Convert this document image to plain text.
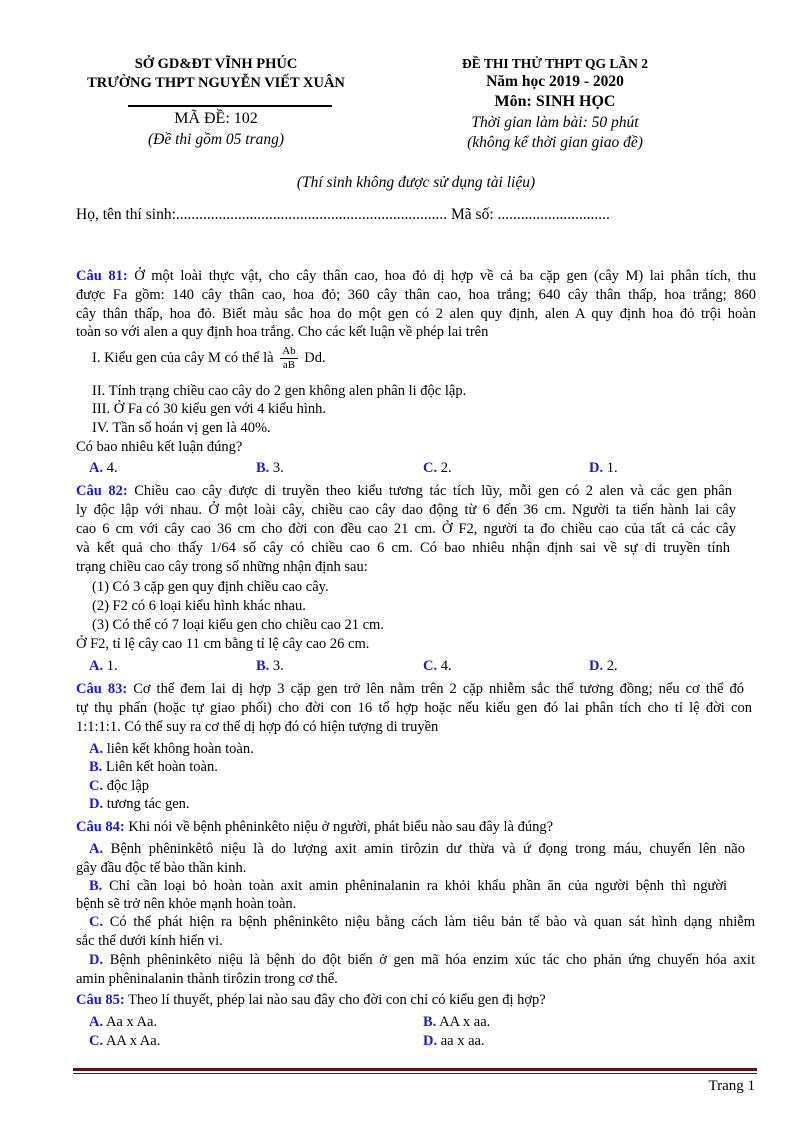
SỞ GD&ĐT VĨNH PHÚC
TRƯỜNG THPT NGUYỄN VIẾT XUÂN
MÃ ĐỀ: 102
(Đề thi gồm 05 trang)
ĐỀ THI THỬ THPT QG LẦN 2
Năm học 2019 - 2020
Môn: SINH HỌC
Thời gian làm bài: 50 phút
(không kể thời gian giao đề)
(Thí sinh không được sử dụng tài liệu)
Họ, tên thí sinh:...................................................................... Mã số: .............................
Câu 81: Ở một loài thực vật, cho cây thân cao, hoa đỏ dị hợp về cả ba cặp gen (cây M) lai phân tích, thu
được Fa gồm: 140 cây thân cao, hoa đỏ; 360 cây thân cao, hoa trắng; 640 cây thân thấp, hoa trắng; 860
cây thân thấp, hoa đỏ. Biết màu sắc hoa do một gen có 2 alen quy định, alen A quy định hoa đỏ trội hoàn
toàn so với alen a quy định hoa trắng. Cho các kết luận về phép lai trên
I. Kiểu gen của cây M có thể là $\frac{Ab}{aB} Dd$.
II. Tính trạng chiều cao cây do 2 gen không alen phân li độc lập.
III. Ở Fa có 30 kiểu gen với 4 kiểu hình.
IV. Tần số hoán vị gen là 40%.
Có bao nhiêu kết luận đúng?
A. 4.	B. 3.	C. 2.	D. 1.
Câu 82: Chiều cao cây được di truyền theo kiểu tương tác tích lũy, mỗi gen có 2 alen và các gen phân
ly độc lập với nhau. Ở một loài cây, chiều cao cây dao động từ 6 đến 36 cm. Người ta tiến hành lai cây
cao 6 cm với cây cao 36 cm cho đời con đều cao 21 cm. Ở F2, người ta đo chiều cao của tất cả các cây
và kết quả cho thấy 1/64 số cây có chiều cao 6 cm. Có bao nhiêu nhận định sai về sự di truyền tính
trạng chiều cao cây trong số những nhận định sau:
(1) Có 3 cặp gen quy định chiều cao cây.
(2) F2 có 6 loại kiểu hình khác nhau.
(3) Có thể có 7 loại kiểu gen cho chiều cao 21 cm.
Ở F2, tỉ lệ cây cao 11 cm bằng tỉ lệ cây cao 26 cm.
A. 1.	B. 3.	C. 4.	D. 2.
Câu 83: Cơ thể đem lai dị hợp 3 cặp gen trở lên nằm trên 2 cặp nhiễm sắc thể tương đồng; nếu cơ thể đó
tự thụ phấn (hoặc tự giao phối) cho đời con 16 tổ hợp hoặc nếu kiểu gen đó lai phân tích cho tỉ lệ đời con
1:1:1:1. Có thể suy ra cơ thể dị hợp đó có hiện tượng di truyền
A. liên kết không hoàn toàn.
B. Liên kết hoàn toàn.
C. độc lập
D. tương tác gen.
Câu 84: Khi nói về bệnh phêninkêto niệu ở người, phát biểu nào sau đây là đúng?
A. Bệnh phêninkêtô niệu là do lượng axit amin tirôzin dư thừa và ứ đọng trong máu, chuyển lên não
gây đầu độc tế bào thần kinh.
B. Chỉ cần loại bỏ hoàn toàn axit amin phêninalanin ra khỏi khẩu phần ăn của người bệnh thì người
bệnh sẽ trở nên khỏe mạnh hoàn toàn.
C. Có thể phát hiện ra bệnh phêninkêto niệu bằng cách làm tiêu bản tế bào và quan sát hình dạng nhiễm
sắc thể dưới kính hiển vi.
D. Bệnh phêninkêto niệu là bệnh do đột biến ở gen mã hóa enzim xúc tác cho phản ứng chuyển hóa axit
amin phêninalanin thành tirôzin trong cơ thể.
Câu 85: Theo lí thuyết, phép lai nào sau đây cho đời con chỉ có kiểu gen đị hợp?
A. Aa x Aa.	B. AA x aa.
C. AA x Aa.	D. aa x aa.
Trang 1
